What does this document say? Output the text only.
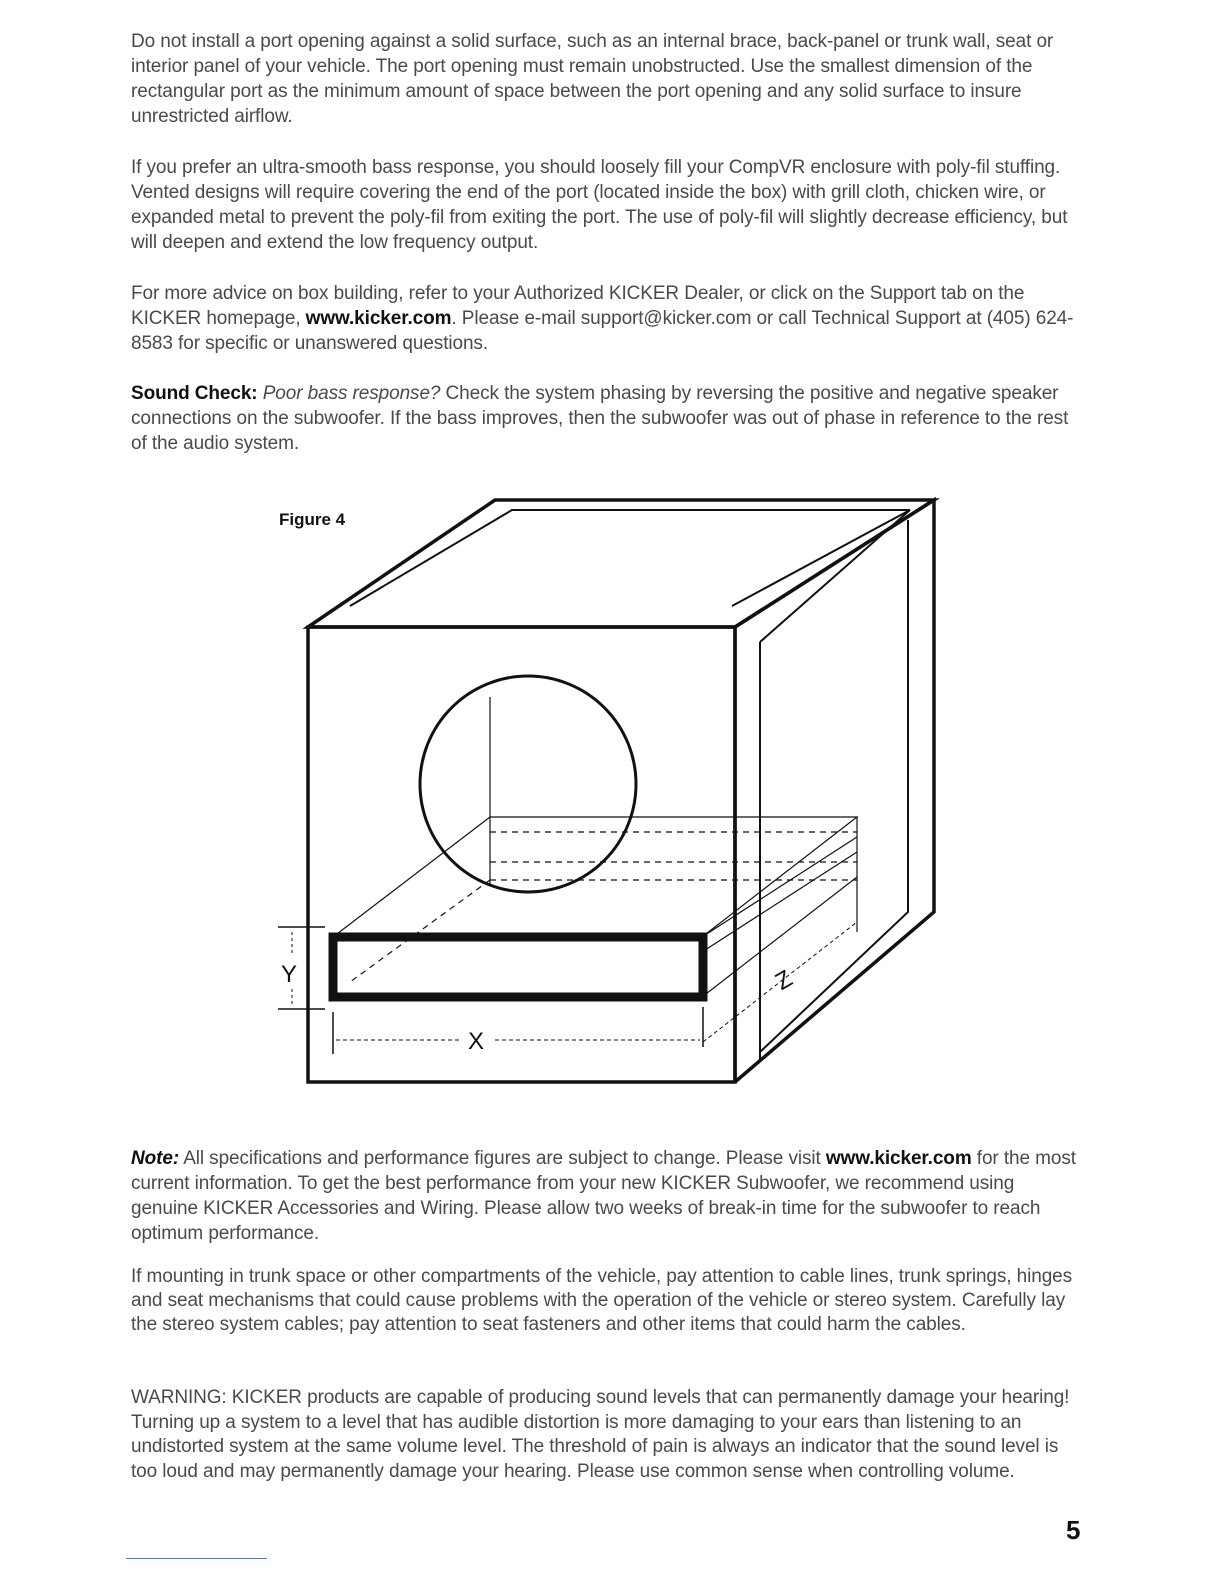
Do not install a port opening against a solid surface, such as an internal brace, back-panel or trunk wall, seat or interior panel of your vehicle. The port opening must remain unobstructed. Use the smallest dimension of the rectangular port as the minimum amount of space between the port opening and any solid surface to insure unrestricted airflow.

If you prefer an ultra-smooth bass response, you should loosely fill your CompVR enclosure with poly-fil stuffing. Vented designs will require covering the end of the port (located inside the box) with grill cloth, chicken wire, or expanded metal to prevent the poly-fil from exiting the port. The use of poly-fil will slightly decrease efficiency, but will deepen and extend the low frequency output.

For more advice on box building, refer to your Authorized KICKER Dealer, or click on the Support tab on the KICKER homepage, www.kicker.com. Please e-mail support@kicker.com or call Technical Support at (405) 624-8583 for specific or unanswered questions.

Sound Check: Poor bass response? Check the system phasing by reversing the positive and negative speaker connections on the subwoofer. If the bass improves, then the subwoofer was out of phase in reference to the rest of the audio system.

Figure 4
Y
X
Z

Note: All specifications and performance figures are subject to change. Please visit www.kicker.com for the most current information. To get the best performance from your new KICKER Subwoofer, we recommend using genuine KICKER Accessories and Wiring. Please allow two weeks of break-in time for the subwoofer to reach optimum performance.

If mounting in trunk space or other compartments of the vehicle, pay attention to cable lines, trunk springs, hinges and seat mechanisms that could cause problems with the operation of the vehicle or stereo system. Carefully lay the stereo system cables; pay attention to seat fasteners and other items that could harm the cables.

WARNING: KICKER products are capable of producing sound levels that can permanently damage your hearing! Turning up a system to a level that has audible distortion is more damaging to your ears than listening to an undistorted system at the same volume level. The threshold of pain is always an indicator that the sound level is too loud and may permanently damage your hearing. Please use common sense when controlling volume.

5
